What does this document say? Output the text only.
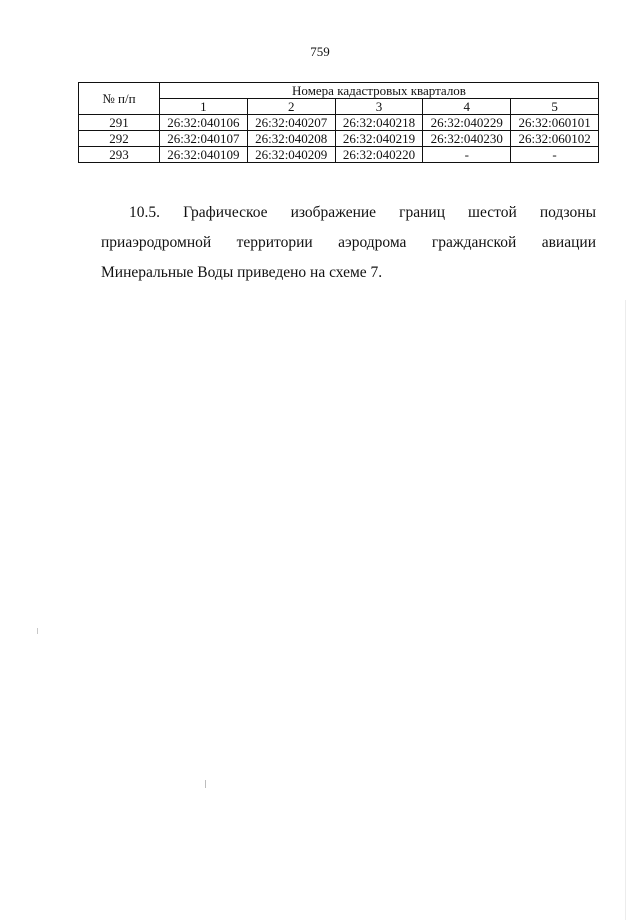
759
№ п/п	Номера кадастровых кварталов				
	1	2	3	4	5
291	26:32:040106	26:32:040207	26:32:040218	26:32:040229	26:32:060101
292	26:32:040107	26:32:040208	26:32:040219	26:32:040230	26:32:060102
293	26:32:040109	26:32:040209	26:32:040220	-	-

10.5. Графическое изображение границ шестой подзоны приаэродромной территории аэродрома гражданской авиации Минеральные Воды приведено на схеме 7.
